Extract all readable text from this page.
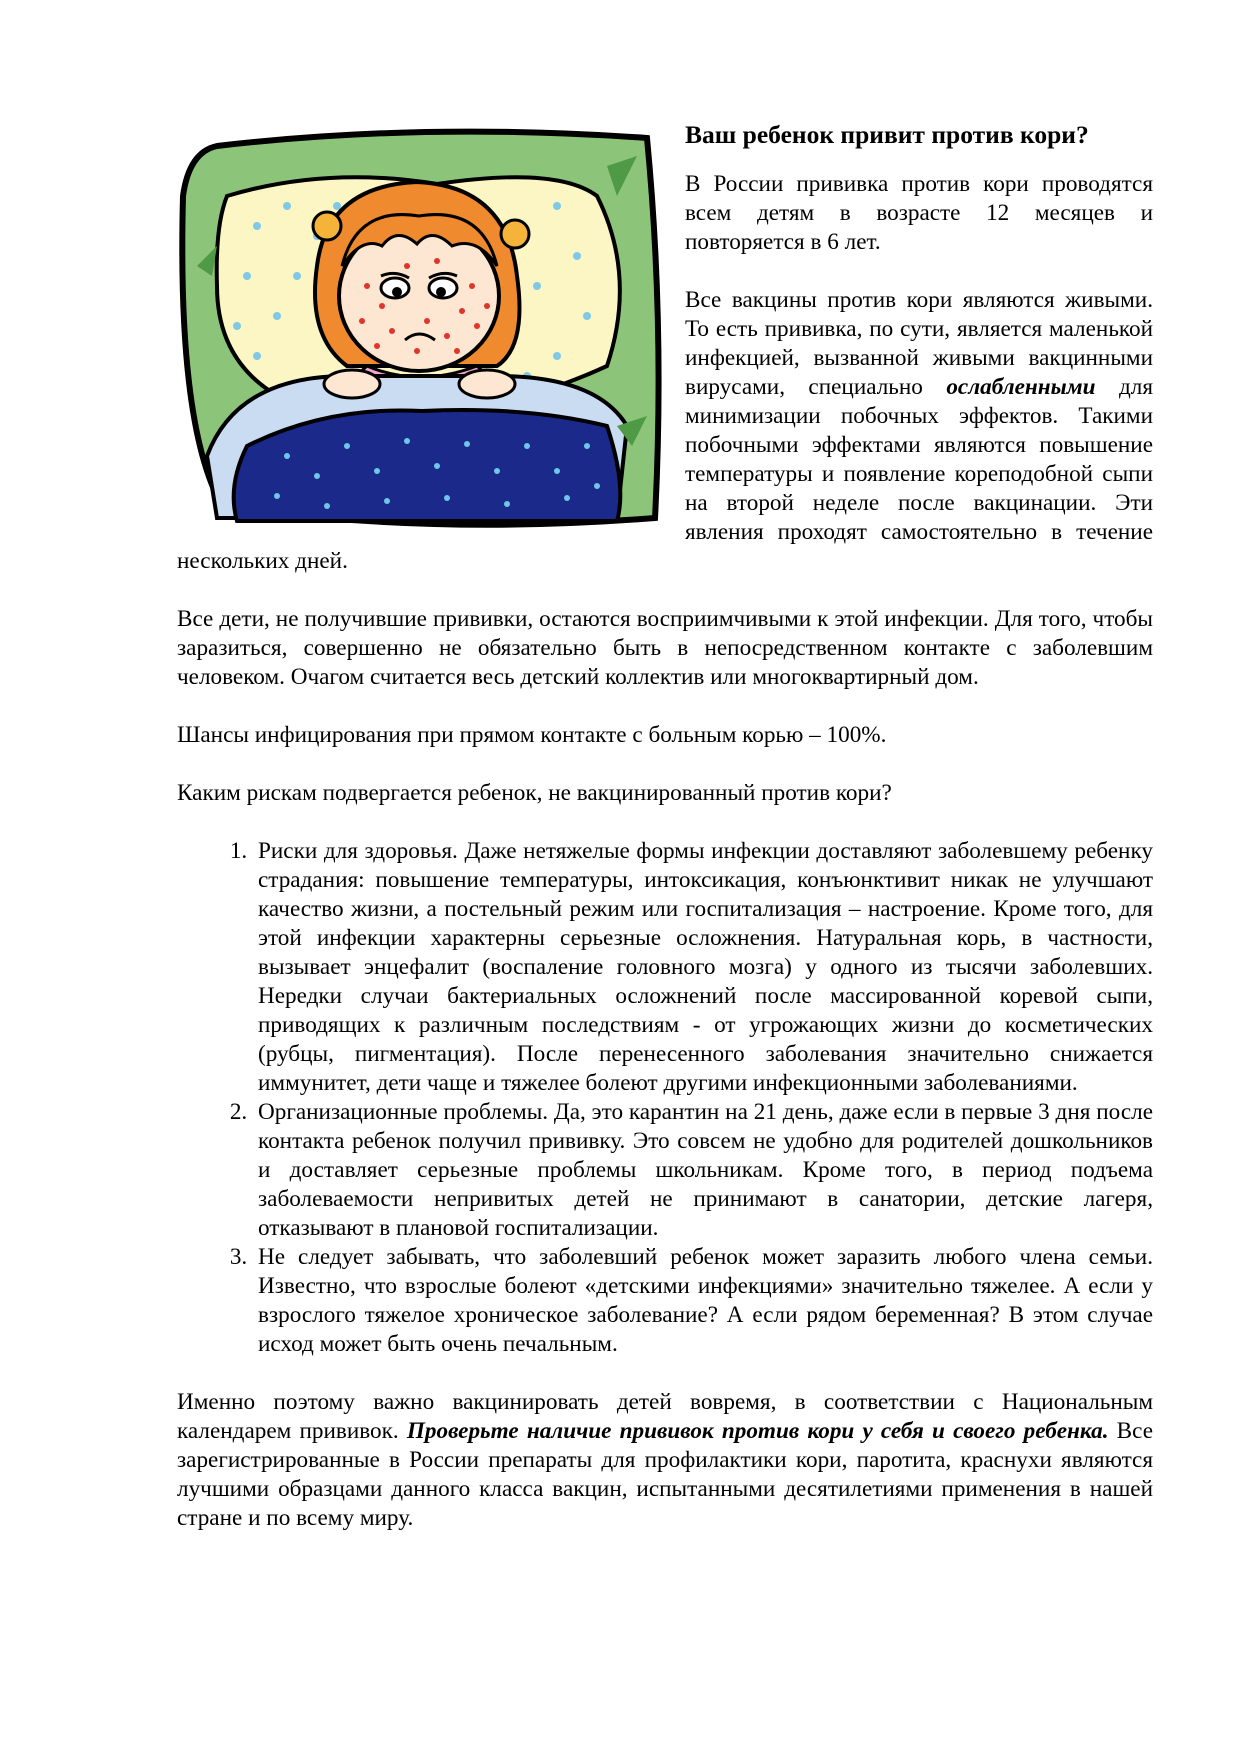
Ваш ребенок привит против кори?

В России прививка против кори проводятся всем детям в возрасте 12 месяцев и повторяется в 6 лет.

Все вакцины против кори являются живыми. То есть прививка, по сути, является маленькой инфекцией, вызванной живыми вакцинными вирусами, специально ослабленными для минимизации побочных эффектов. Такими побочными эффектами являются повышение температуры и появление кореподобной сыпи на второй неделе после вакцинации. Эти явления проходят самостоятельно в течение нескольких дней.

Все дети, не получившие прививки, остаются восприимчивыми к этой инфекции. Для того, чтобы заразиться, совершенно не обязательно быть в непосредственном контакте с заболевшим человеком. Очагом считается весь детский коллектив или многоквартирный дом.

Шансы инфицирования при прямом контакте с больным корью – 100%.

Каким рискам подвергается ребенок, не вакцинированный против кори?

1. Риски для здоровья. Даже нетяжелые формы инфекции доставляют заболевшему ребенку страдания: повышение температуры, интоксикация, конъюнктивит никак не улучшают качество жизни, а постельный режим или госпитализация – настроение. Кроме того, для этой инфекции характерны серьезные осложнения. Натуральная корь, в частности, вызывает энцефалит (воспаление головного мозга) у одного из тысячи заболевших. Нередки случаи бактериальных осложнений после массированной коревой сыпи, приводящих к различным последствиям - от угрожающих жизни до косметических (рубцы, пигментация). После перенесенного заболевания значительно снижается иммунитет, дети чаще и тяжелее болеют другими инфекционными заболеваниями.
2. Организационные проблемы. Да, это карантин на 21 день, даже если в первые 3 дня после контакта ребенок получил прививку. Это совсем не удобно для родителей дошкольников и доставляет серьезные проблемы школьникам. Кроме того, в период подъема заболеваемости непривитых детей не принимают в санатории, детские лагеря, отказывают в плановой госпитализации.
3. Не следует забывать, что заболевший ребенок может заразить любого члена семьи. Известно, что взрослые болеют «детскими инфекциями» значительно тяжелее. А если у взрослого тяжелое хроническое заболевание? А если рядом беременная? В этом случае исход может быть очень печальным.

Именно поэтому важно вакцинировать детей вовремя, в соответствии с Национальным календарем прививок. Проверьте наличие прививок против кори у себя и своего ребенка. Все зарегистрированные в России препараты для профилактики кори, паротита, краснухи являются лучшими образцами данного класса вакцин, испытанными десятилетиями применения в нашей стране и по всему миру.
